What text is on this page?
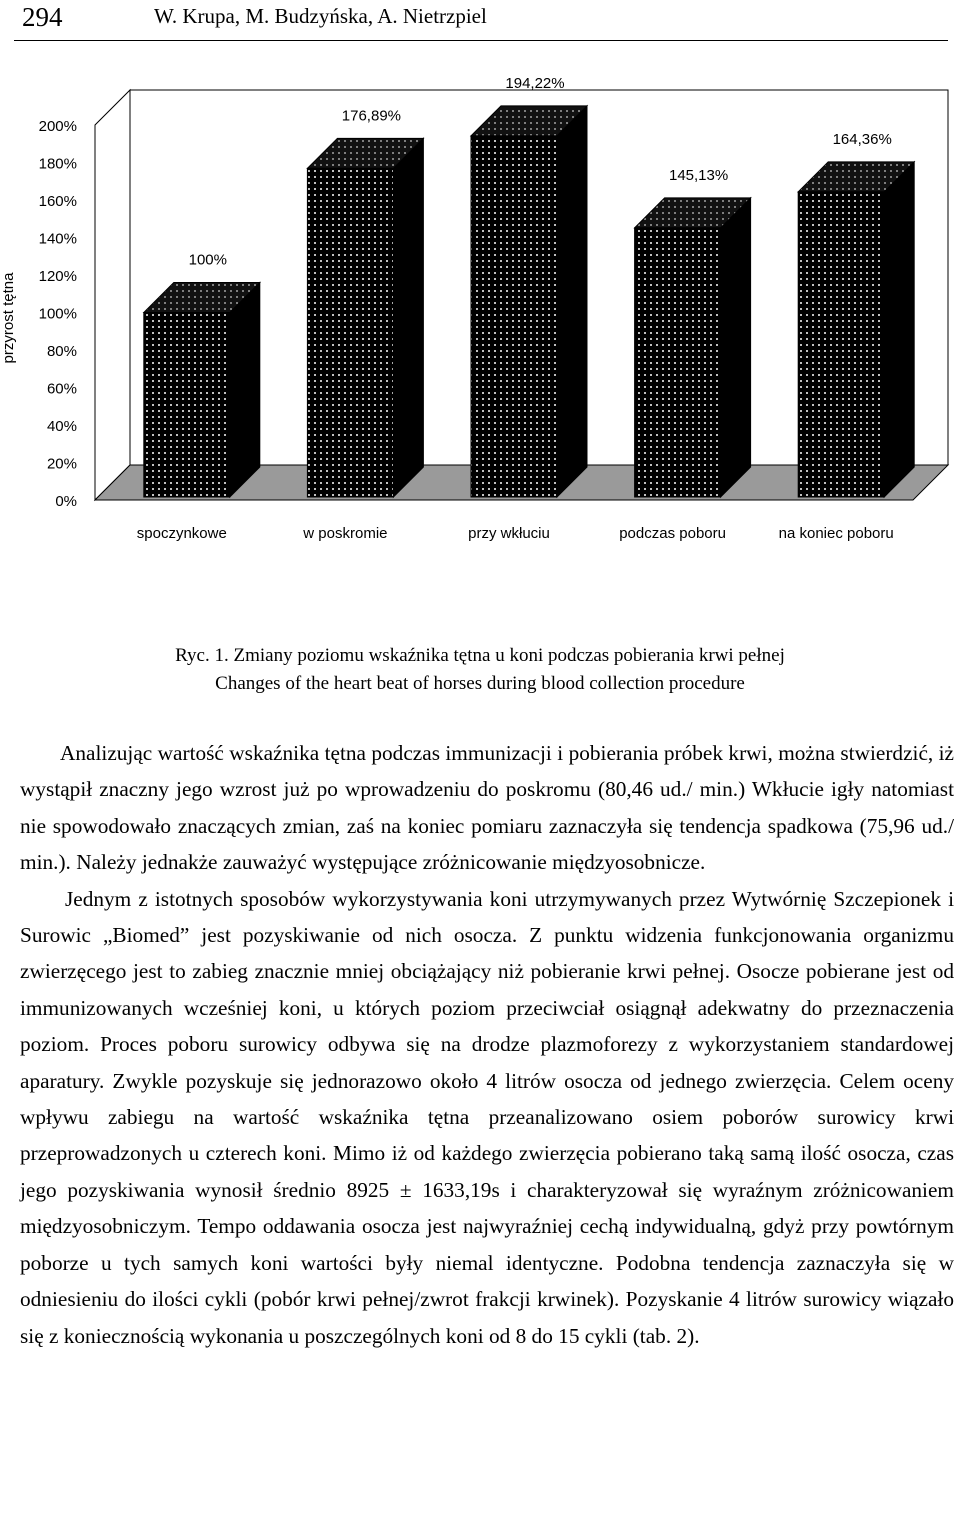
294	W. Krupa, M. Budzyńska, A. Nietrzpiel
0%
20%
40%
60%
80%
100%
120%
140%
160%
180%
200%
przyrost tętna
100%
spoczynkowe
176,89%
w poskromie
194,22%
przy wkłuciu
145,13%
podczas poboru
164,36%
na koniec poboru
Ryc. 1. Zmiany poziomu wskaźnika tętna u koni podczas pobierania krwi pełnej
Changes of the heart beat of horses during blood collection procedure

Analizując wartość wskaźnika tętna podczas immunizacji i pobierania próbek krwi, można stwierdzić, iż wystąpił znaczny jego wzrost już po wprowadzeniu do poskromu (80,46 ud./ min.) Wkłucie igły natomiast nie spowodowało znaczących zmian, zaś na koniec pomiaru zaznaczyła się tendencja spadkowa (75,96 ud./ min.). Należy jednakże zauważyć występujące zróżnicowanie międzyosobnicze.

Jednym z istotnych sposobów wykorzystywania koni utrzymywanych przez Wytwórnię Szczepionek i Surowic „Biomed” jest pozyskiwanie od nich osocza. Z punktu widzenia funkcjonowania organizmu zwierzęcego jest to zabieg znacznie mniej obciążający niż pobieranie krwi pełnej. Osocze pobierane jest od immunizowanych wcześniej koni, u których poziom przeciwciał osiągnął adekwatny do przeznaczenia poziom. Proces poboru surowicy odbywa się na drodze plazmoforezy z wykorzystaniem standardowej aparatury. Zwykle pozyskuje się jednorazowo około 4 litrów osocza od jednego zwierzęcia. Celem oceny wpływu zabiegu na wartość wskaźnika tętna przeanalizowano osiem poborów surowicy krwi przeprowadzonych u czterech koni. Mimo iż od każdego zwierzęcia pobierano taką samą ilość osocza, czas jego pozyskiwania wynosił średnio 8925 ± 1633,19s i charakteryzował się wyraźnym zróżnicowaniem międzyosobniczym. Tempo oddawania osocza jest najwyraźniej cechą indywidualną, gdyż przy powtórnym poborze u tych samych koni wartości były niemal identyczne. Podobna tendencja zaznaczyła się w odniesieniu do ilości cykli (pobór krwi pełnej/zwrot frakcji krwinek). Pozyskanie 4 litrów surowicy wiązało się z koniecznością wykonania u poszczególnych koni od 8 do 15 cykli (tab. 2).
